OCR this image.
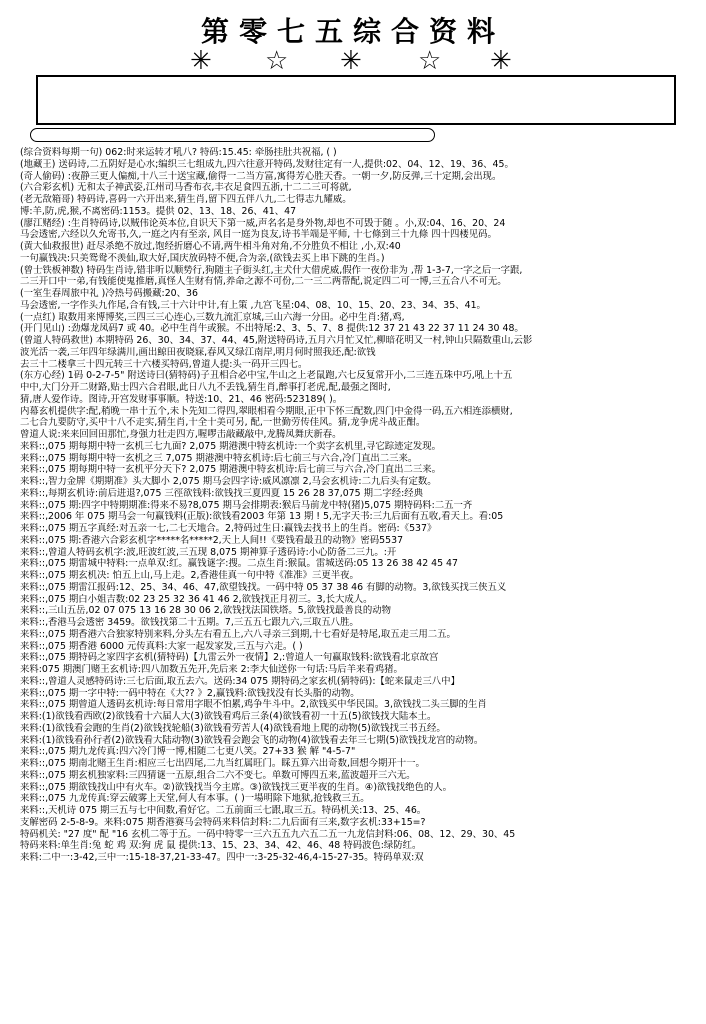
第零七五综合资料
✳ ☆ ✳ ☆ ✳
(综合资料每期一句) 062:时来运转才吼八? 特码:15.45: 牵肠挂肚共祝福, ( )
(地藏王) 送码诗,二五阴好是心水;编织三七组成九,四六往意开特码,发财往定有一人,提供:02、04、12、19、36、45。
(奇人偷码) :夜静三更人偏痴,十八三十送宝藏,偷得一二当方富,寓得芳心胜天香。一朝一夕,防反弹,三十定期,会出现。
(六合彩玄机) 无和太子神武姿,江州司马香布衣,丰衣足食四五浙,十二二三可将就,
(老无敌箱哥) 特码诗,喜码一六开出来,猜生肖,留下四五伴八九,二七得志九耀威。
博:羊,防,虎,猴,不离密码:1153。提供 02、13、18、26、41、47
(廖江赌经) :生肖特码诗,以贼伟论英本位,自识天下第一威,声名名是身外物,却也不可毁于随 。小,双:04、16、20、24
马会透密,六经以久允寄书,久,一庭之内有至亲, 风目一庭为良友,诗书半端是平师, 十七條到三十九條 四十四楼见码。
(黄大仙救报世) 赶尽杀绝不放过,饱经折磨心不请,两牛相斗角对角,不分胜负不相让 ,小,双:40
一句赢钱决:只美鸳鸯不羡仙,取大好,国庆放码特不便,合为亲,(欲钱去买上串下跳的生肖。)
(曾士铁板神数) 特码生肖诗,错非听以顺势行,狗随主子街头红,主犬什大借虎威,假作一夜份非为 ,帮 1-3-7,一字之后一字跟,
二三开口中一弟,有钱能使鬼推磨,真怪人生财有情,养命之源不可份,二一三二两帮配,说定四二可一博,三五合八不可无。
(一室生春周旅中礼 )冷热号码搬藏:20、36
马会透密,一字作头九作尾,合有钱,三十六计中计,有上策 ,九宫飞星:04、08、10、15、20、23、34、35、41。
(一点红) 取数用来博博奖,三四三三心连心,三数九流汇京城,三山六海一分田。必中生肖:猪,鸡,
(开门见山) :劲爆龙凤码7 或 40。必中生肖牛或猴。不出特尾:2、3、5、7、8 提供:12 37 21 43 22 37 11 24 30 48。
(曾道人特码救世) 本期特码 26、30、34、37、44、45,附送特码诗,五月六月忙又忙,柳暗花明又一村,钟山只隔数重山,云影
波光活一袭,三年四年绿满川,画出鲸田夜晓寐,春风又绿江南岸,明月何时照我还,配:欲钱
去三十二楼拿三十四元转三十六楼买特码,曾道人提:头一码开三四七。
(东方心经) 1码 0-2-7-5" 附送诗曰(猜特码)子丑相合必中宝,牛山之上老鼠跑,六七反复常开小,二三连五珠中巧,吼上十五
中中,大门分开二财路,贴士四六合君眼,此日八九不丢钱,猜生肖,醉事打老虎,配,最强之图时,
猜,唐人爱作诗。图诗,开宫发财事事顺。特送:10、21、46 密码:523189( )。
内幕玄机提供字:配,稍晚一串十五个,未卜先知二得四,翠眼相看今期眼,正中下怀三配数,四门中金得一码,五六相连添横财,
二七合九要防守,买中十八不走实,猜生肖,十全十美可另, 配,一世勤劳传佳风。猜,龙争虎斗战正酣。
曾道人说:来来回回田那忙,身强力壮走四方,喔啰击敲藏敲中,龙腾凤舞庆新春。
来料::,075 期每期中特一玄机三七九面? 2,075 期港澳中特玄机诗:一个卖字玄机里,寻它踪迹定发现。
来料::,075 期每期中特一玄机之三 7,075 期港澳中特玄机诗:后七前三与六合,冷门直出二三来。
来料::,075 期每期中特一玄机平分天下? 2,075 期港澳中特玄机诗:后七前三与六合,冷门直出二三来。
来料::,智力金牌《期期准》头大脚小 2,075 期马会四字诗:威风凛凛 2,马会玄机诗:二九后头有定数。
来料::,每期玄机诗:前后进退?,075 三徑欲钱料:欲钱找三夏四夏 15 26 28 37,075 期二字经:经典
来料::,075 期:四字中特期期准:得来不易?8,075 期马会排期表:猴后马前龙中特(猪)5,075 期特码料:二五一齐
来料::,2006 年 075 期马会一句赢钱料(正版):欲钱看2003 年第 13 期 ! 5,无字天书:三九后面有五收,看天上。看:05
来料::,075 期五字真经:对五亲一七,二七天地合。2,特码过生日:赢钱去找书上的生肖。密码:《537》
来料::,075 期:香港六合彩玄机字*****名*****2,天上人间!!《要钱看最丑的动物》密码5537
来料::,曾道人特码玄机字:波,旺波红波,三五现 8,075 期神算子透码诗:小心防备二三九。:开
来料::,075 期雷城中特料:一点单双:红。赢钱谜字:搜。二点生肖:猴鼠。雷城送码:05 13 26 38 42 45 47
来料::,075 期玄机决: 怕五上山,马上走。2,香港佳真一句中特《准准》三更半夜。
来料::,075 期雷江报码:12、25、34、46、47,欲望钱找。一码中特 05 37 38 46 有脚的动物。3,欲钱买找三侠五义
来料::,075 期白小姐吉数:02 23 25 32 36 41 46 2,欲钱找正月初三。3,长大成人。
来料::,三山五岳,02 07 075 13 16 28 30 06 2,欲钱找法国铁塔。5,欲钱找最善良的动物
来料::,香港马会透密 3459。欲钱找第二十五期。7,三五五七跟九六,三取五八胜。
来料::,075 期香港六合独家特别来料,分头左右看五上,六八寻亲三到期,十七看好是特尾,取五走三用二五。
来料::,075 期香港 6000 元传真料:大家一起发家发,三五与六走。( )
来料::,075 期特码之家四字玄机(猜特码)【九雷云外一夜情】2,:曾道人一句赢取钱料:欲钱看北京故宫
来料:075 期澳门赌王玄机诗:四八加数五先开,先后来 2:李大仙送你一句话:马后羊来看鸡猪。
来料::,曾道人灵感特码诗:三七后面,取五去六。送码:34 075 期特码之家玄机(猜特码):【蛇来鼠走三八中】
来料::,075 期一字中特:一码中特在《大?? 》2,赢钱料:欲钱找没有长头脂的动物。
来料::,075 期曾道人透码玄机诗:每日常用字眼不怕累,鸡争牛斗中。2,欲钱买中华民国。3,欲钱找二头三脚的生肖
来料:(1)欲钱看西欧(2)欲钱看十六届人大(3)欲钱看鸡后三条(4)欲钱看初一十五(5)欲钱找大陆本土。
来料:(1)欲钱看会跑的生肖(2)欲钱找轮船(3)欲钱看劳苦人(4)欲钱看地上爬的动物(5)欲钱找三书五经。
来料:(1)欲钱看孙行者(2)欲钱看大陆动物(3)欲钱看会跑会飞的动物(4)欲钱看去年三七期(5)欲钱找龙宫的动物。
来料::,075 期九龙传真:四六冷门博一博,相随二七更八笑。27+33 猴 解 "4-5-7"
来料::,075 期南北赌王生肖:相应三七出四尾,二九当红属旺门。睬五算六出奇数,回想今期开十一。
来料::,075 期玄机独家料:三四猜谜一五原,组合二六不变七。单数可博四五来,蓝波超开三六无。
来料::,075 期欲钱找山中有火车。②)欲钱找当今主席。③)欲钱找三更半夜的生肖。④)欲钱找绝色的人。
来料::,075 九龙传真:穿云破雾上天堂,何人有本事。( )一場明除下地狱,抢钱救三五。
来料::,天机诗 075 期三五与七中间数,看好它。二五前面三七跟,取三五。特码机关:13、25、46。
支解密码 2-5-8-9。来料:075 期香港赛马会特码来料信封料:二九后面有三来,数字玄机:33+15=?
特码机关: "27 度" 配 "16 玄机二等于五。一码中特零一三六五五九六五二五一九龙信封料:06、08、12、29、30、45
特码来料:单生肖:兔 蛇 鸡 双:狗 虎 鼠 提供:13、15、23、34、42、46、48 特码波色:绿防红。
来料:二中一:3-42,三中一:15-18-37,21-33-47。四中一:3-25-32-46,4-15-27-35。特码单双:双
